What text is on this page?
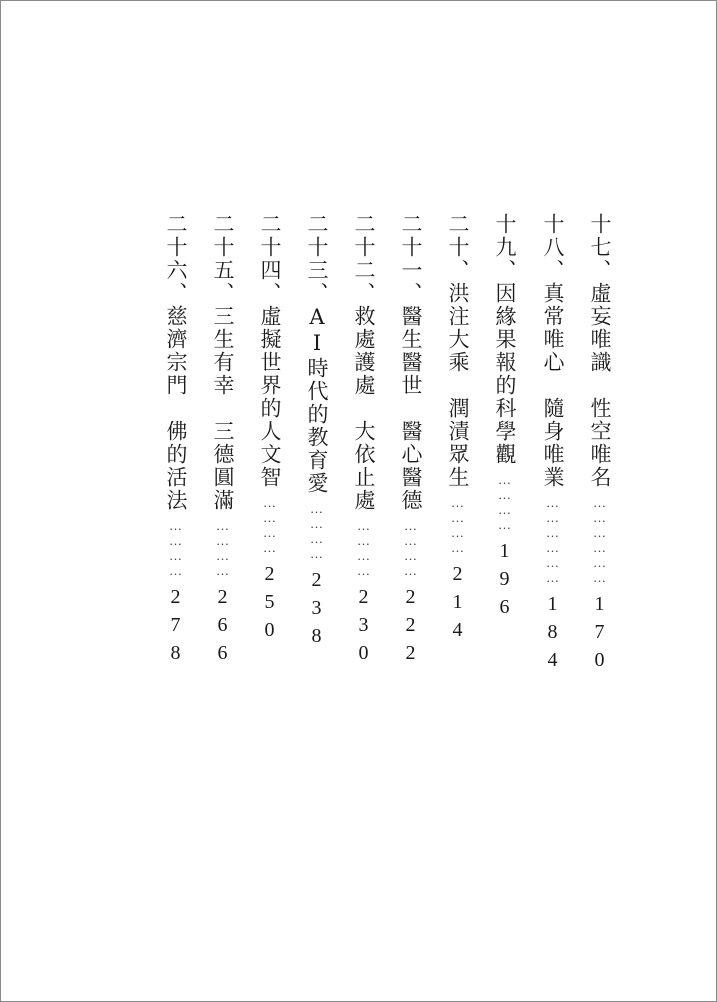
十七、虛妄唯識　性空唯名
………………
170
十八、真常唯心　隨身唯業
………………
184
十九、因緣果報的科學觀
…………
196
二十、洪注大乘　潤漬眾生
…………
214
二十一、醫生醫世　醫心醫德
…………
222
二十二、救處護處　大依止處
…………
230
二十三、AI時代的教育愛
…………
238
二十四、虛擬世界的人文智
…………
250
二十五、三生有幸　三德圓滿
…………
266
二十六、慈濟宗門　佛的活法
…………
278
